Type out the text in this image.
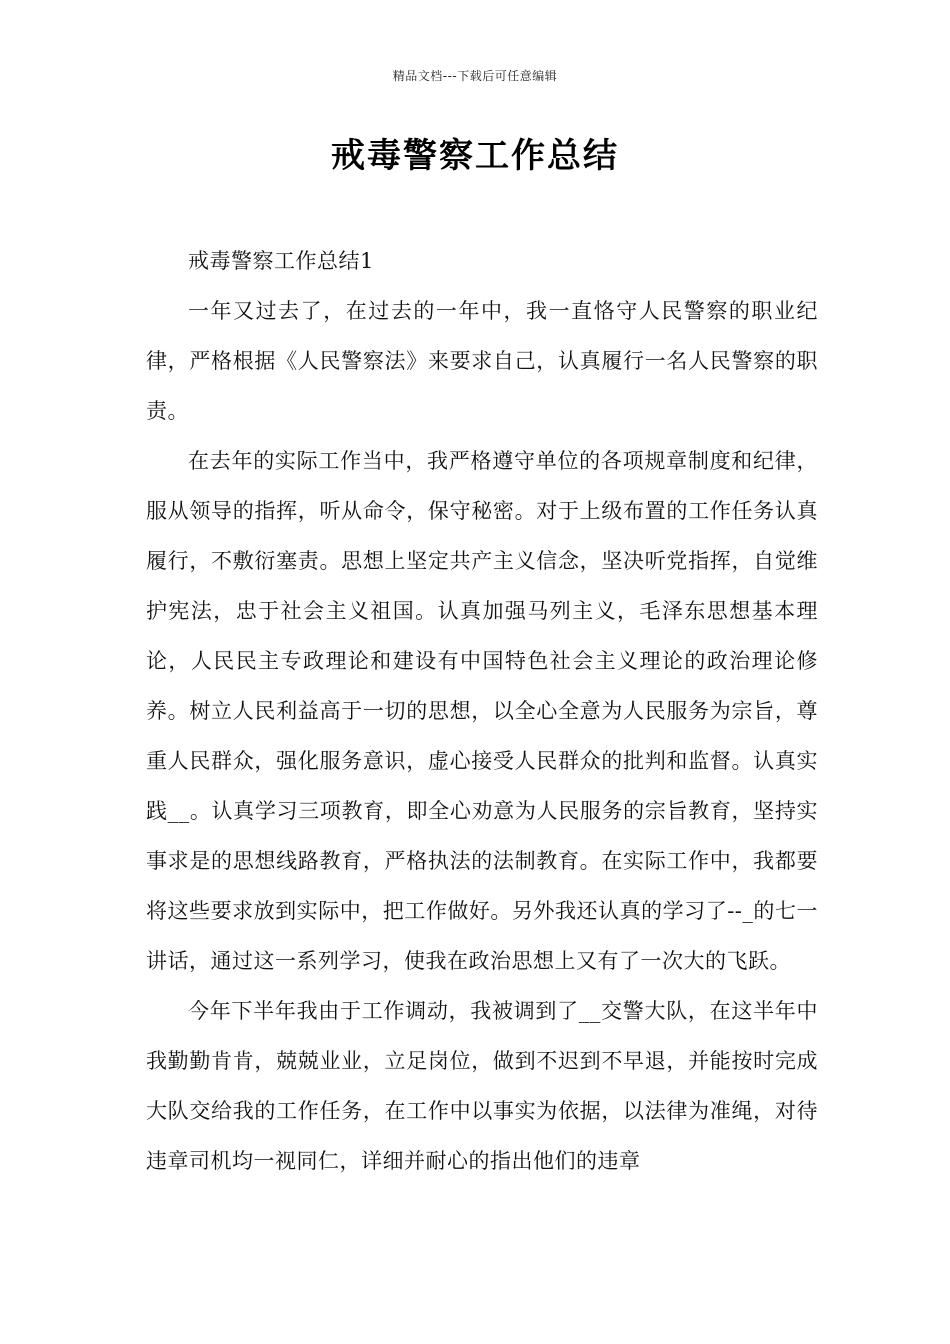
精品文档---下载后可任意编辑
戒毒警察工作总结

戒毒警察工作总结1

一年又过去了，在过去的一年中，我一直恪守人民警察的职业纪律，严格根据《人民警察法》来要求自己，认真履行一名人民警察的职责。

在去年的实际工作当中，我严格遵守单位的各项规章制度和纪律，服从领导的指挥，听从命令，保守秘密。对于上级布置的工作任务认真履行，不敷衍塞责。思想上坚定共产主义信念，坚决听党指挥，自觉维护宪法，忠于社会主义祖国。认真加强马列主义，毛泽东思想基本理论，人民民主专政理论和建设有中国特色社会主义理论的政治理论修养。树立人民利益高于一切的思想，以全心全意为人民服务为宗旨，尊重人民群众，强化服务意识，虚心接受人民群众的批判和监督。认真实践__。认真学习三项教育，即全心劝意为人民服务的宗旨教育，坚持实事求是的思想线路教育，严格执法的法制教育。在实际工作中，我都要将这些要求放到实际中，把工作做好。另外我还认真的学习了--_的七一讲话，通过这一系列学习，使我在政治思想上又有了一次大的飞跃。

今年下半年我由于工作调动，我被调到了__交警大队，在这半年中我勤勤肯肯，兢兢业业，立足岗位，做到不迟到不早退，并能按时完成大队交给我的工作任务，在工作中以事实为依据，以法律为准绳，对待违章司机均一视同仁，详细并耐心的指出他们的违章
